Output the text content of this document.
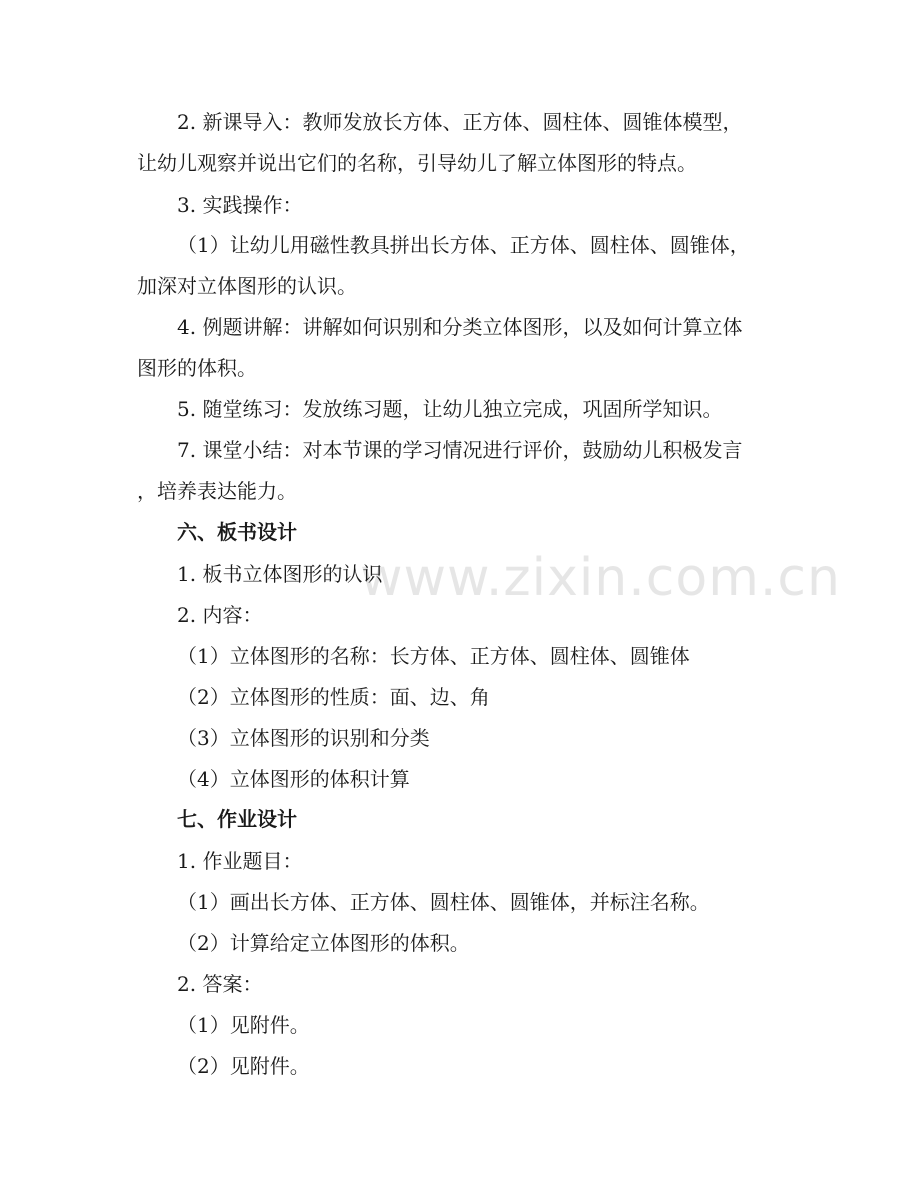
www.zixin.com.cn
2. 新课导入：教师发放长方体、正方体、圆柱体、圆锥体模型，
让幼儿观察并说出它们的名称，引导幼儿了解立体图形的特点。
3. 实践操作：
（1）让幼儿用磁性教具拼出长方体、正方体、圆柱体、圆锥体，
加深对立体图形的认识。
4. 例题讲解：讲解如何识别和分类立体图形，以及如何计算立体
图形的体积。
5. 随堂练习：发放练习题，让幼儿独立完成，巩固所学知识。
7. 课堂小结：对本节课的学习情况进行评价，鼓励幼儿积极发言
，培养表达能力。
六、板书设计
1. 板书立体图形的认识
2. 内容：
（1）立体图形的名称：长方体、正方体、圆柱体、圆锥体
（2）立体图形的性质：面、边、角
（3）立体图形的识别和分类
（4）立体图形的体积计算
七、作业设计
1. 作业题目：
（1）画出长方体、正方体、圆柱体、圆锥体，并标注名称。
（2）计算给定立体图形的体积。
2. 答案：
（1）见附件。
（2）见附件。
